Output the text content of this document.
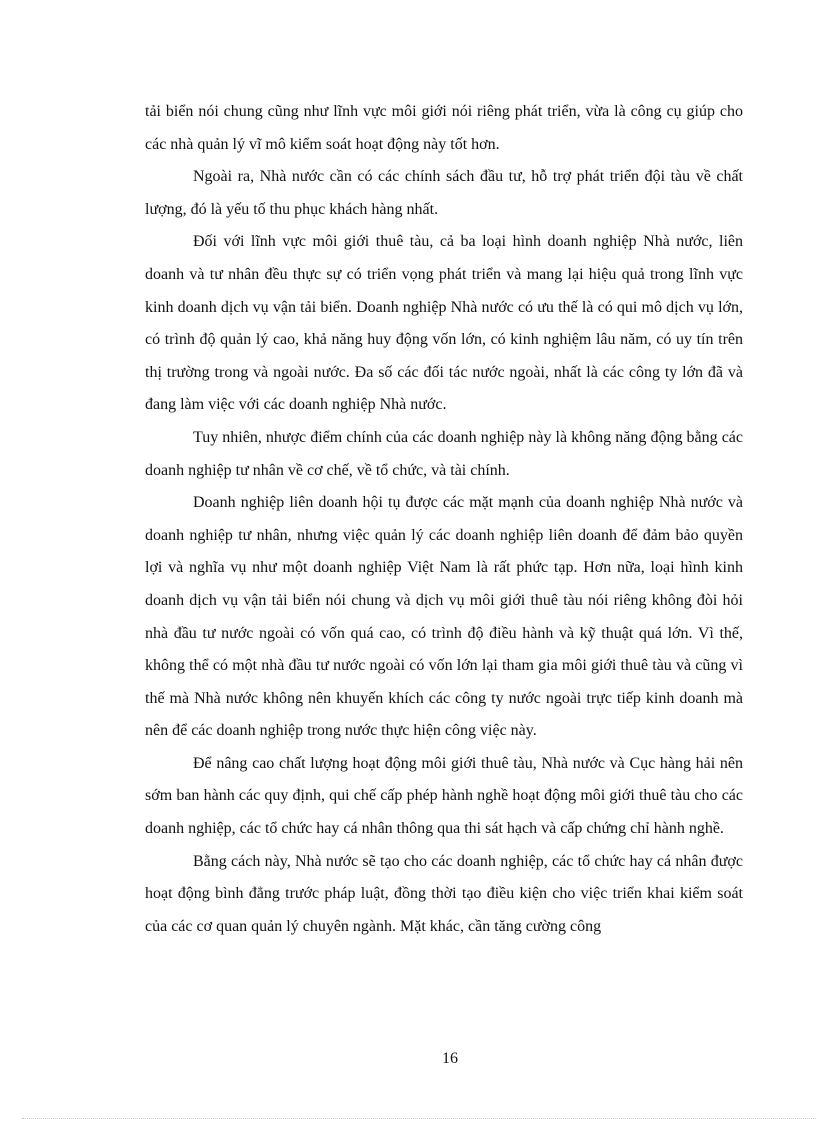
tải biển nói chung cũng như lĩnh vực môi giới nói riêng phát triển, vừa là công cụ giúp cho các nhà quản lý vĩ mô kiểm soát hoạt động này tốt hơn.

Ngoài ra, Nhà nước cần có các chính sách đầu tư, hỗ trợ phát triển đội tàu về chất lượng, đó là yếu tố thu phục khách hàng nhất.

Đối với lĩnh vực môi giới thuê tàu, cả ba loại hình doanh nghiệp Nhà nước, liên doanh và tư nhân đều thực sự có triển vọng phát triển và mang lại hiệu quả trong lĩnh vực kinh doanh dịch vụ vận tải biển. Doanh nghiệp Nhà nước có ưu thế là có qui mô dịch vụ lớn, có trình độ quản lý cao, khả năng huy động vốn lớn, có kinh nghiệm lâu năm, có uy tín trên thị trường trong và ngoài nước. Đa số các đối tác nước ngoài, nhất là các công ty lớn đã và đang làm việc với các doanh nghiệp Nhà nước.

Tuy nhiên, nhược điểm chính của các doanh nghiệp này là không năng động bằng các doanh nghiệp tư nhân về cơ chế, về tổ chức, và tài chính.

Doanh nghiệp liên doanh hội tụ được các mặt mạnh của doanh nghiệp Nhà nước và doanh nghiệp tư nhân, nhưng việc quản lý các doanh nghiệp liên doanh để đảm bảo quyền lợi và nghĩa vụ như một doanh nghiệp Việt Nam là rất phức tạp. Hơn nữa, loại hình kinh doanh dịch vụ vận tải biển nói chung và dịch vụ môi giới thuê tàu nói riêng không đòi hỏi nhà đầu tư nước ngoài có vốn quá cao, có trình độ điều hành và kỹ thuật quá lớn. Vì thế, không thể có một nhà đầu tư nước ngoài có vốn lớn lại tham gia môi giới thuê tàu và cũng vì thế mà Nhà nước không nên khuyến khích các công ty nước ngoài trực tiếp kinh doanh mà nên để các doanh nghiệp trong nước thực hiện công việc này.

Để nâng cao chất lượng hoạt động môi giới thuê tàu, Nhà nước và Cục hàng hải nên sớm ban hành các quy định, qui chế cấp phép hành nghề hoạt động môi giới thuê tàu cho các doanh nghiệp, các tổ chức hay cá nhân thông qua thi sát hạch và cấp chứng chỉ hành nghề.

Bằng cách này, Nhà nước sẽ tạo cho các doanh nghiệp, các tổ chức hay cá nhân được hoạt động bình đẳng trước pháp luật, đồng thời tạo điều kiện cho việc triển khai kiểm soát của các cơ quan quản lý chuyên ngành. Mặt khác, cần tăng cường công

16
